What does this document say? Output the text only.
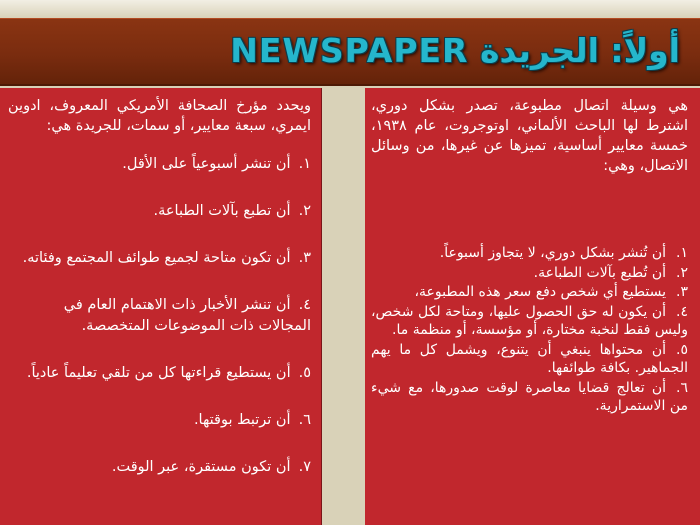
أولاً: الجريدة NEWSPAPER

هي وسيلة اتصال مطبوعة، تصدر بشكل دوري، اشترط لها الباحث الألماني، اوتوجروت، عام ١٩٣٨، خمسة معايير أساسية، تميزها عن غيرها، من وسائل الاتصال، وهي:

١.أن تُنشر بشكل دوري، لا يتجاوز أسبوعاً.
٢.أن تُطبع بآلات الطباعة.
٣.يستطيع أي شخص دفع سعر هذه المطبوعة،
٤.أن يكون له حق الحصول عليها، ومتاحة لكل شخص، وليس فقط لنخبة مختارة، أو مؤسسة، أو منظمة ما.
٥.أن محتواها ينبغي أن يتنوع، ويشمل كل ما يهم الجماهير. بكافة طوائفها.
٦.أن تعالج قضايا معاصرة لوقت صدورها، مع شيء من الاستمرارية.

ويحدد مؤرخ الصحافة الأمريكي المعروف، ادوين ايمري، سبعة معايير، أو سمات، للجريدة هي:

١.أن تنشر أسبوعياً على الأقل.
٢.أن تطبع بآلات الطباعة.
٣.أن تكون متاحة لجميع طوائف المجتمع وفئاته.
٤.أن تنشر الأخبار ذات الاهتمام العام في المجالات ذات الموضوعات المتخصصة.
٥.أن يستطيع قراءتها كل من تلقي تعليماً عادياً.
٦.أن ترتبط بوقتها.
٧.أن تكون مستقرة، عبر الوقت.
